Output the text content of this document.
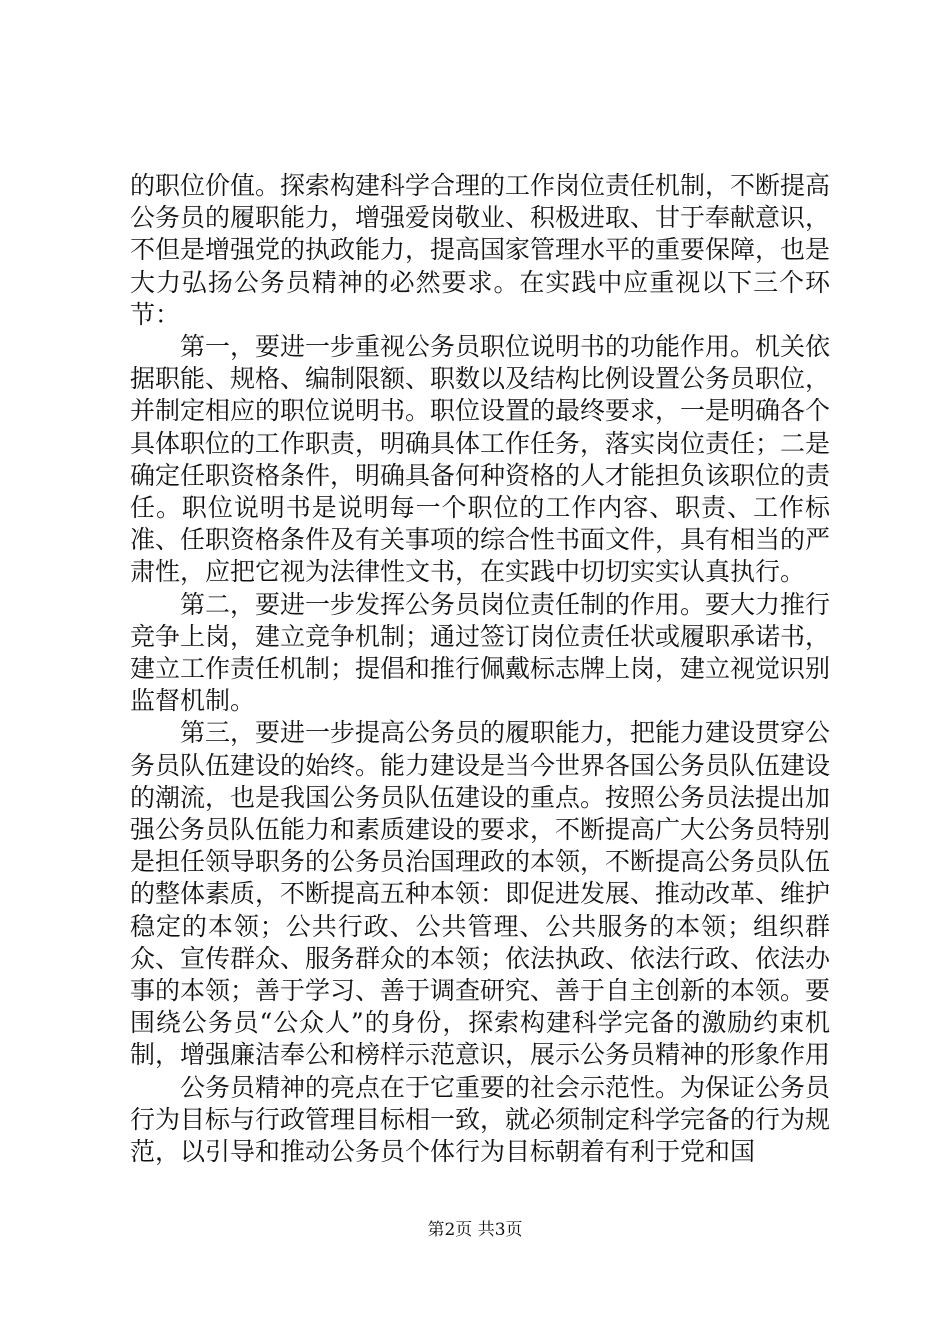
的职位价值。探索构建科学合理的工作岗位责任机制，不断提高公务员的履职能力，增强爱岗敬业、积极进取、甘于奉献意识，不但是增强党的执政能力，提高国家管理水平的重要保障，也是大力弘扬公务员精神的必然要求。在实践中应重视以下三个环节：

第一，要进一步重视公务员职位说明书的功能作用。机关依据职能、规格、编制限额、职数以及结构比例设置公务员职位，并制定相应的职位说明书。职位设置的最终要求，一是明确各个具体职位的工作职责，明确具体工作任务，落实岗位责任；二是确定任职资格条件，明确具备何种资格的人才能担负该职位的责任。职位说明书是说明每一个职位的工作内容、职责、工作标准、任职资格条件及有关事项的综合性书面文件，具有相当的严肃性，应把它视为法律性文书，在实践中切切实实认真执行。

第二，要进一步发挥公务员岗位责任制的作用。要大力推行竞争上岗，建立竞争机制；通过签订岗位责任状或履职承诺书，建立工作责任机制；提倡和推行佩戴标志牌上岗，建立视觉识别监督机制。

第三，要进一步提高公务员的履职能力，把能力建设贯穿公务员队伍建设的始终。能力建设是当今世界各国公务员队伍建设的潮流，也是我国公务员队伍建设的重点。按照公务员法提出加强公务员队伍能力和素质建设的要求，不断提高广大公务员特别是担任领导职务的公务员治国理政的本领，不断提高公务员队伍的整体素质，不断提高五种本领：即促进发展、推动改革、维护稳定的本领；公共行政、公共管理、公共服务的本领；组织群众、宣传群众、服务群众的本领；依法执政、依法行政、依法办事的本领；善于学习、善于调查研究、善于自主创新的本领。要围绕公务员“公众人”的身份，探索构建科学完备的激励约束机制，增强廉洁奉公和榜样示范意识，展示公务员精神的形象作用

公务员精神的亮点在于它重要的社会示范性。为保证公务员行为目标与行政管理目标相一致，就必须制定科学完备的行为规范，以引导和推动公务员个体行为目标朝着有利于党和国

第2页 共3页
